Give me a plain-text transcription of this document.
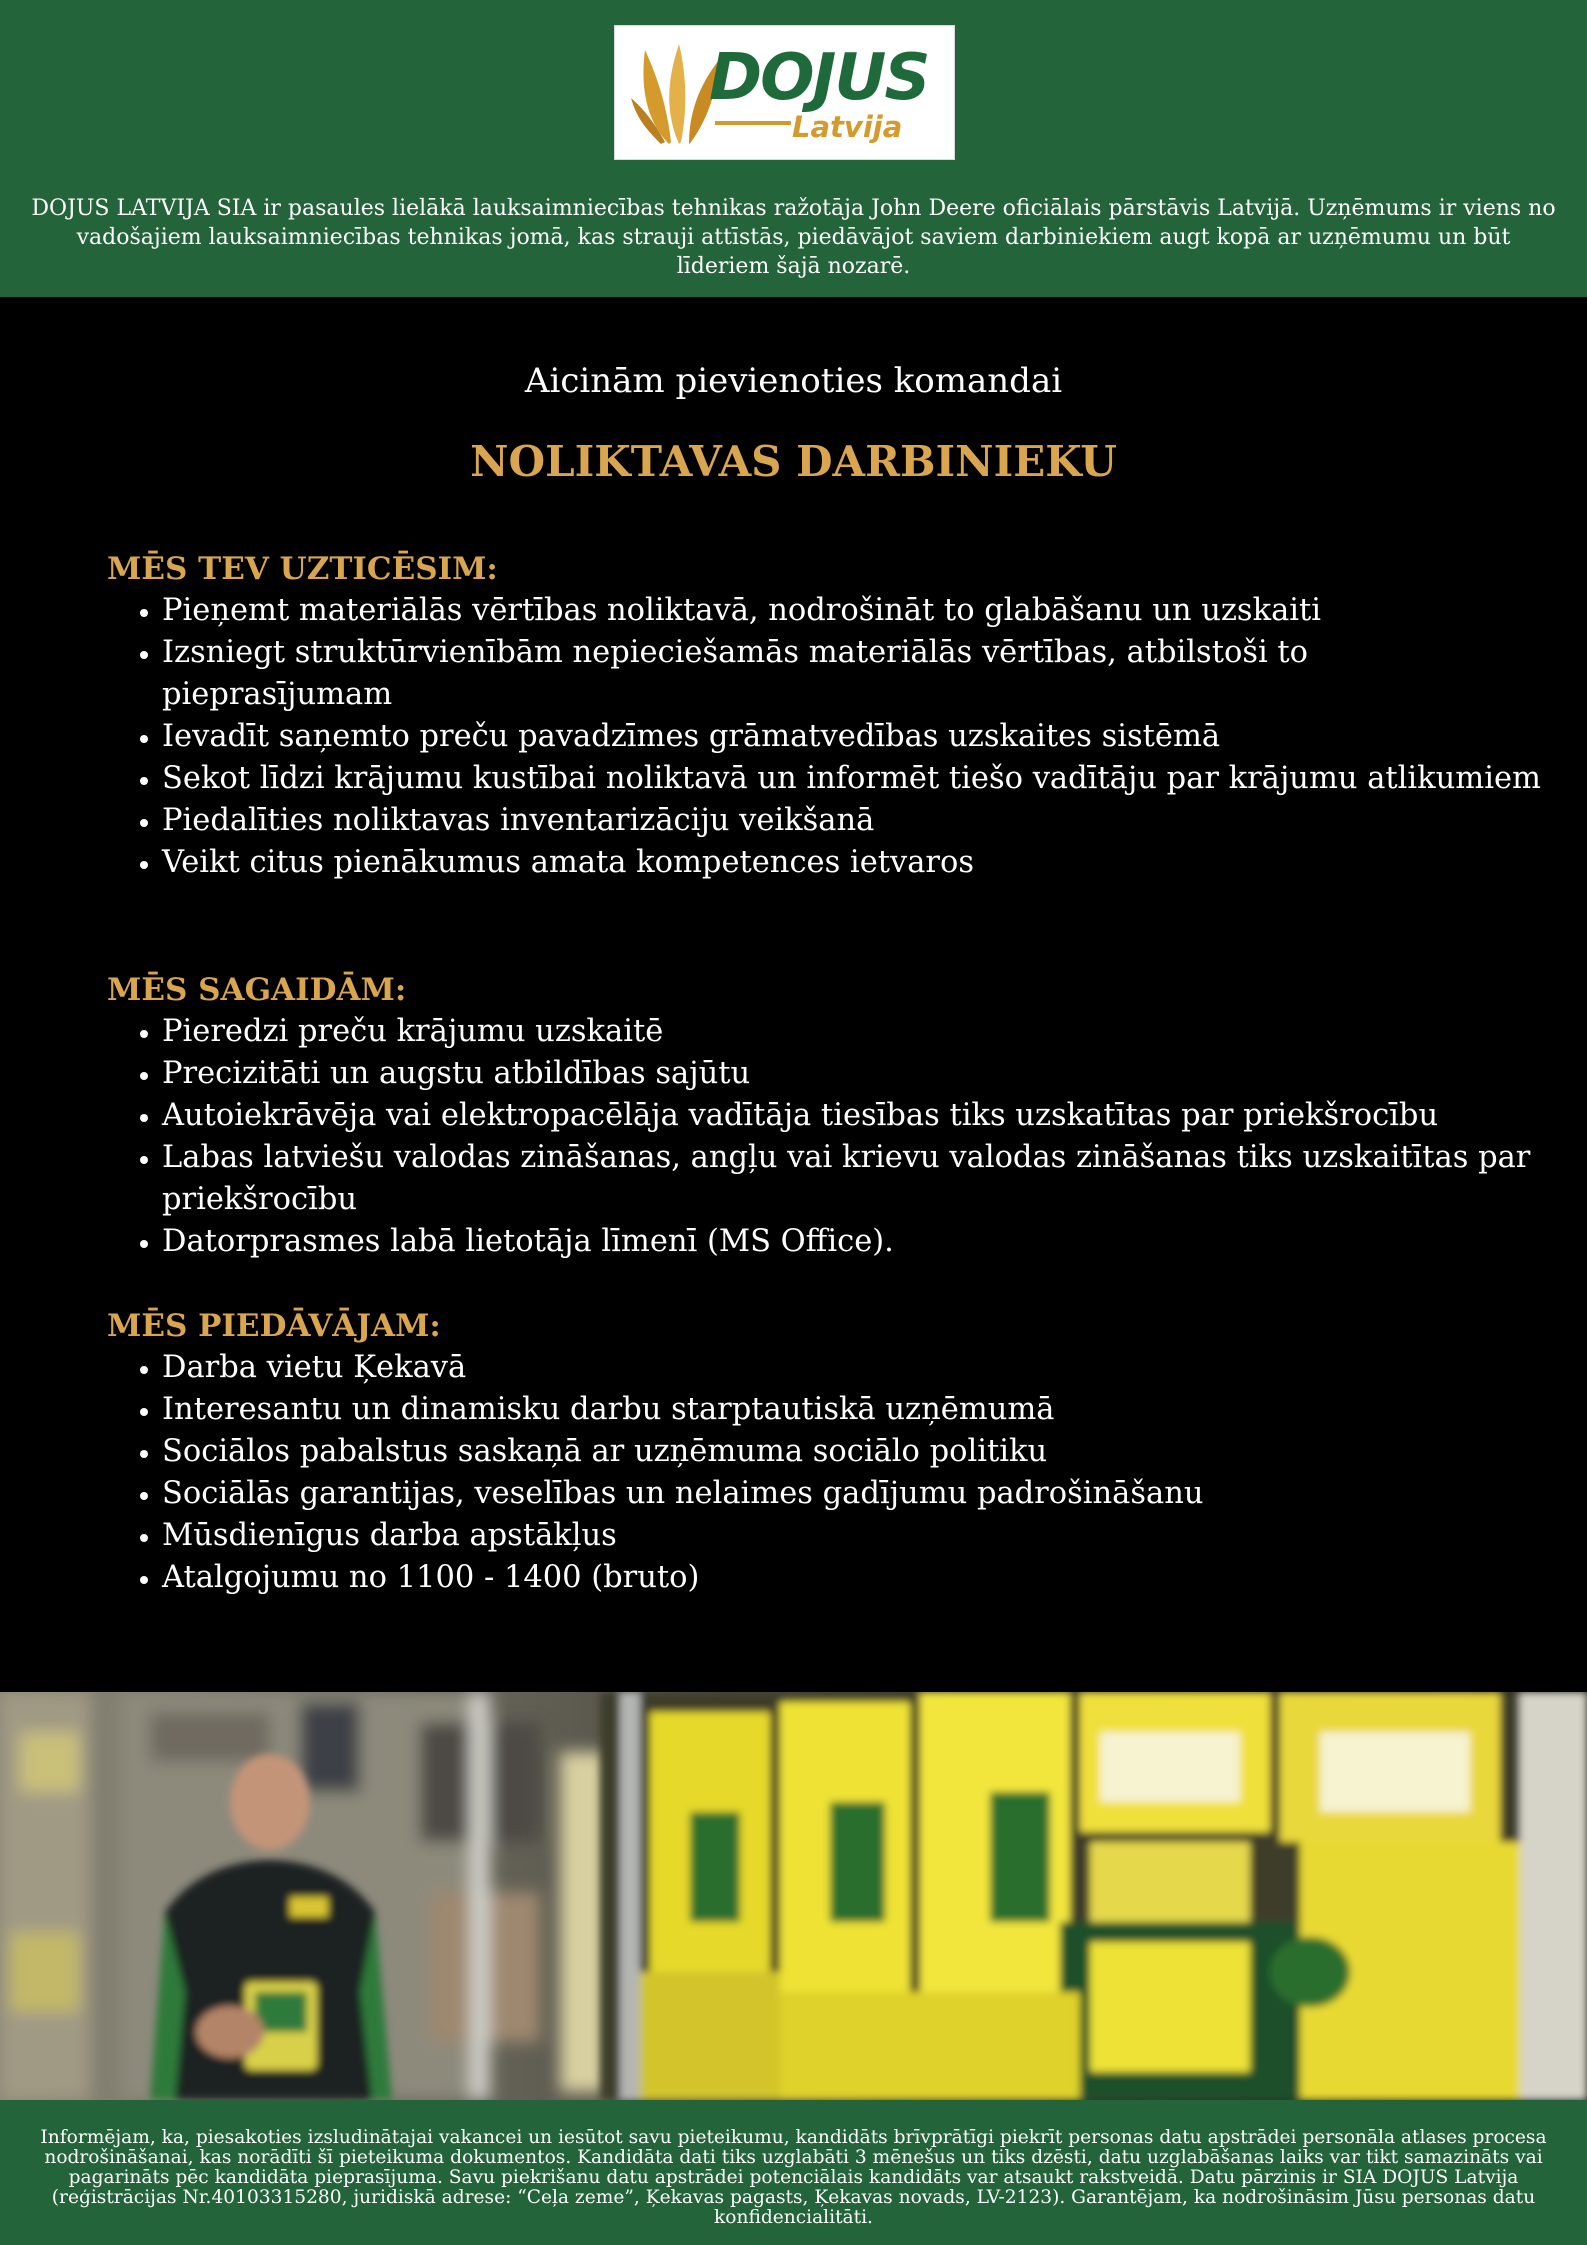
DOJUS
Latvija

DOJUS LATVIJA SIA ir pasaules lielākā lauksaimniecības tehnikas ražotāja John Deere oficiālais pārstāvis Latvijā. Uzņēmums ir viens no vadošajiem lauksaimniecības tehnikas jomā, kas strauji attīstās, piedāvājot saviem darbiniekiem augt kopā ar uzņēmumu un būt līderiem šajā nozarē.

Aicinām pievienoties komandai
NOLIKTAVAS DARBINIEKU
MĒS TEV UZTICĒSIM:
• Pieņemt materiālās vērtības noliktavā, nodrošināt to glabāšanu un uzskaiti
• Izsniegt struktūrvienībām nepieciešamās materiālās vērtības, atbilstoši to pieprasījumam
• Ievadīt saņemto preču pavadzīmes grāmatvedības uzskaites sistēmā
• Sekot līdzi krājumu kustībai noliktavā un informēt tiešo vadītāju par krājumu atlikumiem
• Piedalīties noliktavas inventarizāciju veikšanā
• Veikt citus pienākumus amata kompetences ietvaros
MĒS SAGAIDĀM:
• Pieredzi preču krājumu uzskaitē
• Precizitāti un augstu atbildības sajūtu
• Autoiekrāvēja vai elektropacēlāja vadītāja tiesības tiks uzskatītas par priekšrocību
• Labas latviešu valodas zināšanas, angļu vai krievu valodas zināšanas tiks uzskaitītas par priekšrocību
• Datorprasmes labā lietotāja līmenī (MS Office).
MĒS PIEDĀVĀJAM:
• Darba vietu Ķekavā
• Interesantu un dinamisku darbu starptautiskā uzņēmumā
• Sociālos pabalstus saskaņā ar uzņēmuma sociālo politiku
• Sociālās garantijas, veselības un nelaimes gadījumu padrošināšanu
• Mūsdienīgus darba apstākļus
• Atalgojumu no 1100 - 1400 (bruto)

Informējam, ka, piesakoties izsludinātajai vakancei un iesūtot savu pieteikumu, kandidāts brīvprātīgi piekrīt personas datu apstrādei personāla atlases procesa nodrošināšanai, kas norādīti šī pieteikuma dokumentos. Kandidāta dati tiks uzglabāti 3 mēnešus un tiks dzēsti, datu uzglabāšanas laiks var tikt samazināts vai pagarināts pēc kandidāta pieprasījuma. Savu piekrišanu datu apstrādei potenciālais kandidāts var atsaukt rakstveidā. Datu pārzinis ir SIA DOJUS Latvija (reģistrācijas Nr.40103315280, juridiskā adrese: “Ceļa zeme”, Ķekavas pagasts, Ķekavas novads, LV-2123). Garantējam, ka nodrošināsim Jūsu personas datu konfidencialitāti.
